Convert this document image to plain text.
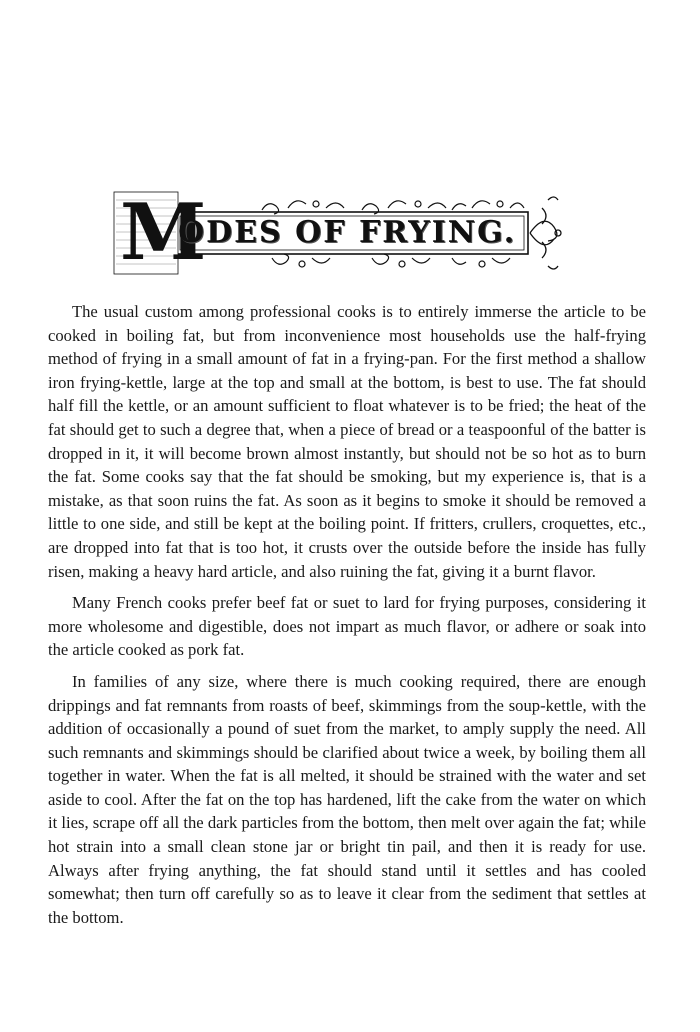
M
ODES OF FRYING.

The usual custom among professional cooks is to entirely immerse the article to be cooked in boiling fat, but from inconvenience most households use the half-frying method of frying in a small amount of fat in a frying-pan. For the first method a shallow iron frying-kettle, large at the top and small at the bottom, is best to use. The fat should half fill the kettle, or an amount sufficient to float whatever is to be fried; the heat of the fat should get to such a degree that, when a piece of bread or a teaspoonful of the batter is dropped in it, it will become brown almost instantly, but should not be so hot as to burn the fat. Some cooks say that the fat should be smoking, but my experience is, that is a mistake, as that soon ruins the fat. As soon as it begins to smoke it should be removed a little to one side, and still be kept at the boiling point. If fritters, crullers, croquettes, etc., are dropped into fat that is too hot, it crusts over the outside before the inside has fully risen, making a heavy hard article, and also ruining the fat, giving it a burnt flavor.

Many French cooks prefer beef fat or suet to lard for frying purposes, considering it more wholesome and digestible, does not impart as much flavor, or adhere or soak into the article cooked as pork fat.

In families of any size, where there is much cooking required, there are enough drippings and fat remnants from roasts of beef, skimmings from the soup-kettle, with the addition of occasionally a pound of suet from the market, to amply supply the need. All such remnants and skimmings should be clarified about twice a week, by boiling them all together in water. When the fat is all melted, it should be strained with the water and set aside to cool. After the fat on the top has hardened, lift the cake from the water on which it lies, scrape off all the dark particles from the bottom, then melt over again the fat; while hot strain into a small clean stone jar or bright tin pail, and then it is ready for use. Always after frying anything, the fat should stand until it settles and has cooled somewhat; then turn off carefully so as to leave it clear from the sediment that settles at the bottom.
